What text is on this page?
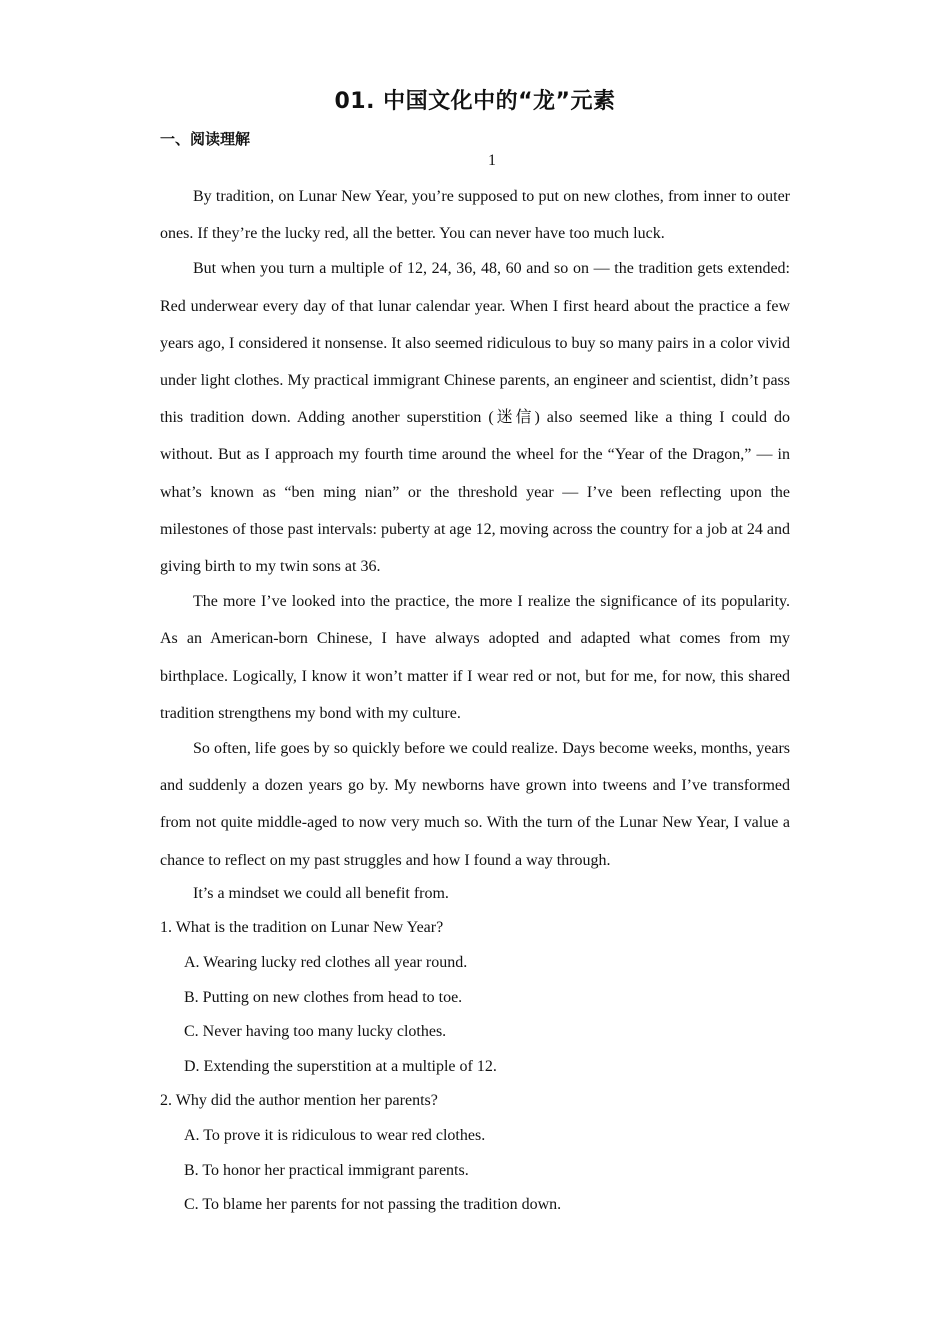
01. 中国文化中的“龙”元素
一、阅读理解
1

By tradition, on Lunar New Year, you’re supposed to put on new clothes, from inner to outer ones. If they’re the lucky red, all the better. You can never have too much luck.

But when you turn a multiple of 12, 24, 36, 48, 60 and so on — the tradition gets extended: Red underwear every day of that lunar calendar year. When I first heard about the practice a few years ago, I considered it nonsense. It also seemed ridiculous to buy so many pairs in a color vivid under light clothes. My practical immigrant Chinese parents, an engineer and scientist, didn’t pass this tradition down. Adding another superstition (迷信) also seemed like a thing I could do without. But as I approach my fourth time around the wheel for the “Year of the Dragon,” — in what’s known as “ben ming nian” or the threshold year — I’ve been reflecting upon the milestones of those past intervals: puberty at age 12, moving across the country for a job at 24 and giving birth to my twin sons at 36.

The more I’ve looked into the practice, the more I realize the significance of its popularity. As an American-born Chinese, I have always adopted and adapted what comes from my birthplace. Logically, I know it won’t matter if I wear red or not, but for me, for now, this shared tradition strengthens my bond with my culture.

So often, life goes by so quickly before we could realize. Days become weeks, months, years and suddenly a dozen years go by. My newborns have grown into tweens and I’ve transformed from not quite middle-aged to now very much so. With the turn of the Lunar New Year, I value a chance to reflect on my past struggles and how I found a way through.

It’s a mindset we could all benefit from.

1. What is the tradition on Lunar New Year?

A. Wearing lucky red clothes all year round.

B. Putting on new clothes from head to toe.

C. Never having too many lucky clothes.

D. Extending the superstition at a multiple of 12.

2. Why did the author mention her parents?

A. To prove it is ridiculous to wear red clothes.

B. To honor her practical immigrant parents.

C. To blame her parents for not passing the tradition down.
